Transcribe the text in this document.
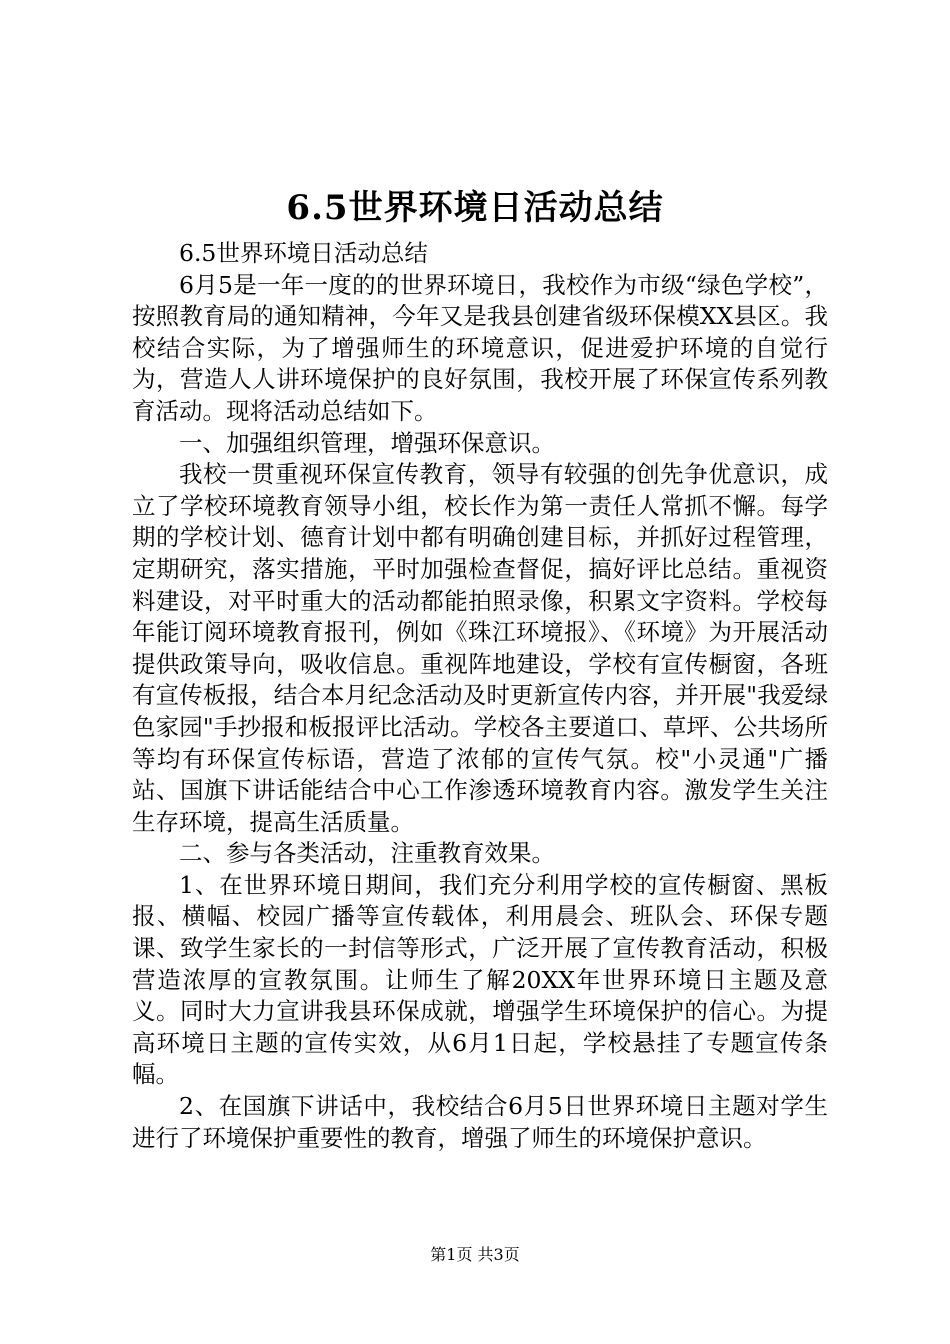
6.5世界环境日活动总结

6.5世界环境日活动总结

6月5是一年一度的的世界环境日，我校作为市级“绿色学校”，按照教育局的通知精神，今年又是我县创建省级环保模XX县区。我校结合实际，为了增强师生的环境意识，促进爱护环境的自觉行为，营造人人讲环境保护的良好氛围，我校开展了环保宣传系列教育活动。现将活动总结如下。

一、加强组织管理，增强环保意识。

我校一贯重视环保宣传教育，领导有较强的创先争优意识，成立了学校环境教育领导小组，校长作为第一责任人常抓不懈。每学期的学校计划、德育计划中都有明确创建目标，并抓好过程管理，定期研究，落实措施，平时加强检查督促，搞好评比总结。重视资料建设，对平时重大的活动都能拍照录像，积累文字资料。学校每年能订阅环境教育报刊，例如《珠江环境报》、《环境》为开展活动提供政策导向，吸收信息。重视阵地建设，学校有宣传橱窗，各班有宣传板报，结合本月纪念活动及时更新宣传内容，并开展"我爱绿色家园"手抄报和板报评比活动。学校各主要道口、草坪、公共场所等均有环保宣传标语，营造了浓郁的宣传气氛。校"小灵通"广播站、国旗下讲话能结合中心工作渗透环境教育内容。激发学生关注生存环境，提高生活质量。

二、参与各类活动，注重教育效果。

1、在世界环境日期间，我们充分利用学校的宣传橱窗、黑板报、横幅、校园广播等宣传载体，利用晨会、班队会、环保专题课、致学生家长的一封信等形式，广泛开展了宣传教育活动，积极营造浓厚的宣教氛围。让师生了解20XX年世界环境日主题及意义。同时大力宣讲我县环保成就，增强学生环境保护的信心。为提高环境日主题的宣传实效，从6月1日起，学校悬挂了专题宣传条幅。

2、在国旗下讲话中，我校结合6月5日世界环境日主题对学生进行了环境保护重要性的教育，增强了师生的环境保护意识。

第1页 共3页
